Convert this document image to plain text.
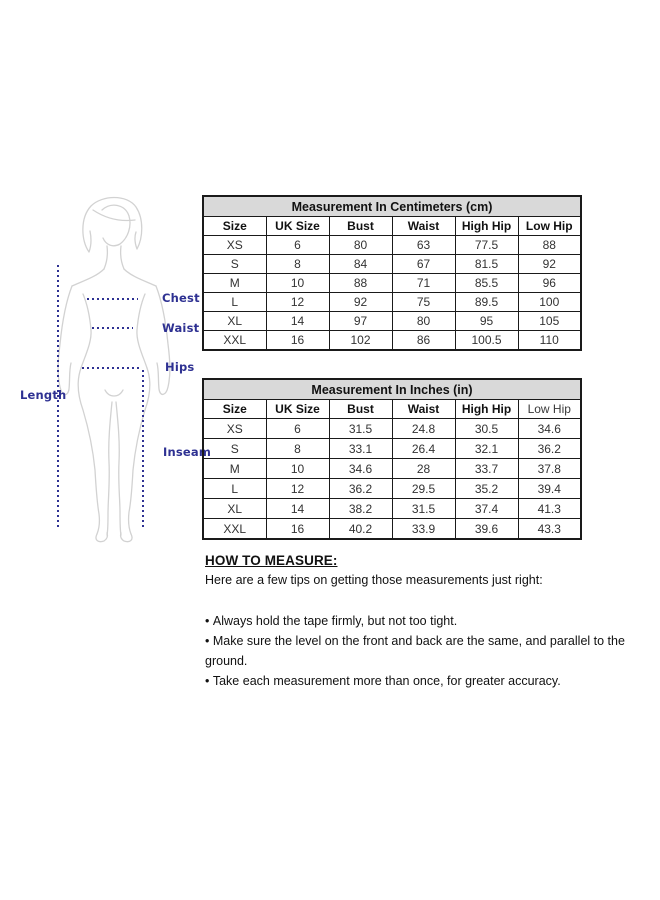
Chest
Waist
Hips
Length
Inseam
Measurement In Centimeters (cm)					
Size	UK Size	Bust	Waist	High Hip	Low Hip
XS	6	80	63	77.5	88
S	8	84	67	81.5	92
M	10	88	71	85.5	96
L	12	92	75	89.5	100
XL	14	97	80	95	105
XXL	16	102	86	100.5	110
Measurement In Inches (in)					
Size	UK Size	Bust	Waist	High Hip	Low Hip
XS	6	31.5	24.8	30.5	34.6
S	8	33.1	26.4	32.1	36.2
M	10	34.6	28	33.7	37.8
L	12	36.2	29.5	35.2	39.4
XL	14	38.2	31.5	37.4	41.3
XXL	16	40.2	33.9	39.6	43.3
HOW TO MEASURE:

Here are a few tips on getting those measurements just right:

• Always hold the tape firmly, but not too tight.
• Make sure the level on the front and back are the same, and parallel to the ground.
• Take each measurement more than once, for greater accuracy.
